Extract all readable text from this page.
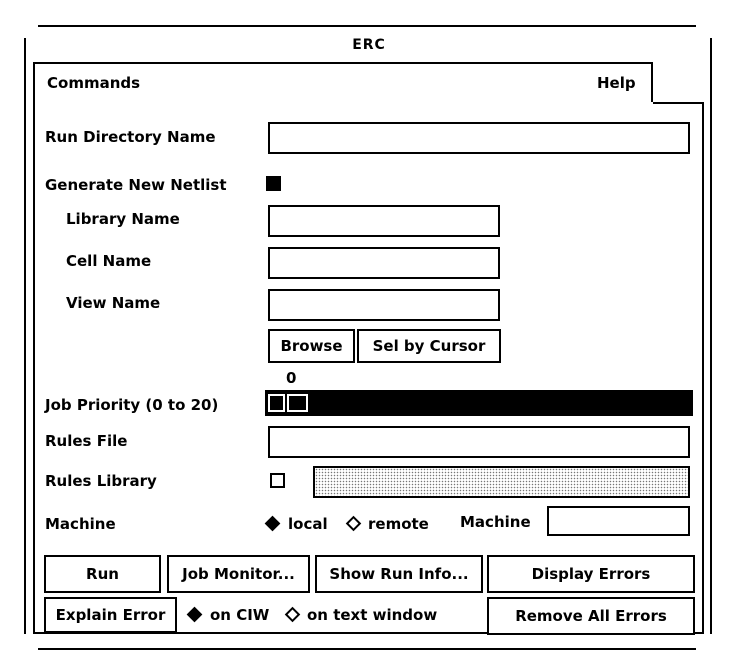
ERC
Commands	Help
Run Directory Name
Generate New Netlist
Library Name
Cell Name
View Name
Browse	Sel by Cursor
0
Job Priority (0 to 20)
Rules File
Rules Library
Machine	local	remote Machine
Run	Job Monitor...	Show Run Info...	Display Errors
Explain Error	on CIW	on text window	Remove All Errors
